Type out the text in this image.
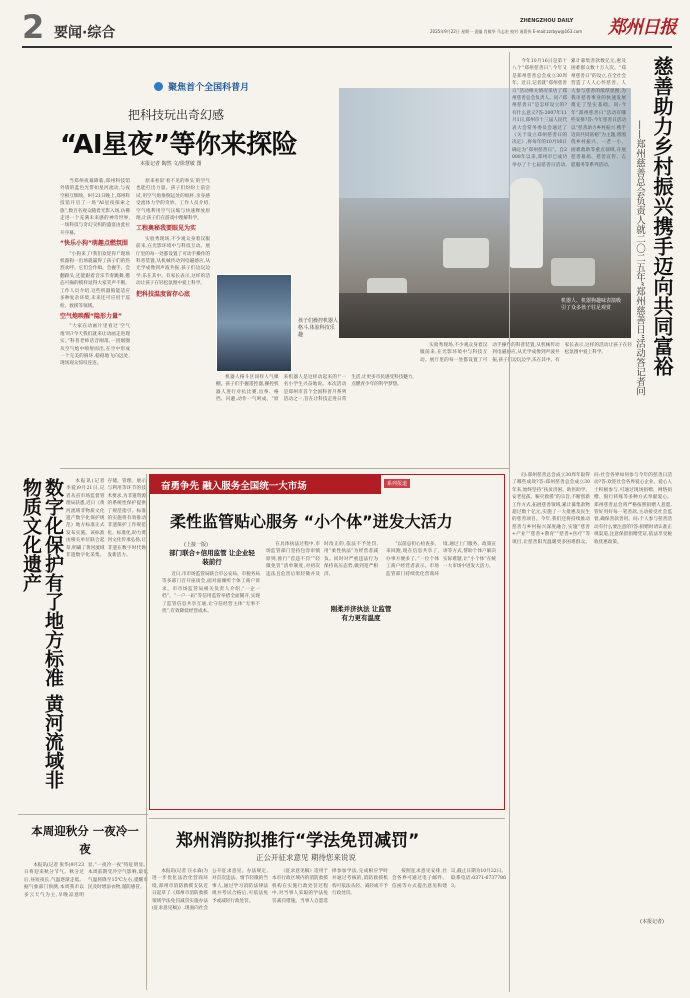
2 要闻·综合
ZHENGZHOU DAILY
2025年9月22日 星期一 责编 肖敏华 马志宏 校对 诸葛伟 E-mail:zzrbyw@163.com 郑州日报
聚焦首个全国科普月
把科技玩出奇幻感
“AI星夜”等你来探险
本报记者 陶然 文/徐慧敏 图
机器人、机器狗趣味表演吸引了众多孩子驻足观赏
孩子们操控机器人格斗,体验科技乐趣

当郑州夜幕降临,郑州科技馆外墙的蓝色光带如星河流动,与夜空相互辉映。9月21日晚上,郑州科技馆开启了一场“AI星夜探索之旅”,数百名观众随着光影入场,仿佛走进一个充满未来感的神奇世界,一场科技与奇幻交织的盛宴由此拉开序幕。

“快乐小狗”萌趣点燃氛围

“小狗来了!我们欢迎你!”现场机器狗一出场就赢得了孩子们的热烈欢呼。它们会作揖、会握手、会翻跟头,还能跟着音乐节奏跳舞,憨态可掬的模样逗得大家笑声不断。工作人员介绍,这些机器狗能适应多种复杂环境,未来还可应用于巡检、救援等领域。

空气炮唤醒“隐形力量”

“大家在动画片里看过‘空气炮’吗?今天我们就来让动画走进现实。”科普老师话音刚落,一团烟圈从空气炮中喷射而出,在空中形成一个完美的圆环,稳稳地飞向远处,现场观众惊叹连连。

原来看似‘看不见的拳头’的空气也能打出力量。孩子们纷纷上前尝试,用空气炮推倒远处的纸杯,亲身感受流体力学的奇妙。工作人员介绍,空气炮利用空气压缩与快速释放原理,让孩子们在游戏中理解科学。

工程奥秘我要眼见为实

实验秀现场,不少观众身着汉服前来,在光影环境中与科技互动。展厅里的每一处都设置了可动手操作的科普装置,从机械传动到电磁感应,从光学成像到声波共振,孩子们边玩边学,乐在其中。有家长表示,这样的活动让孩子在轻松氛围中爱上科学。

把科技温度留存心底

机器人格斗区同样人气爆棚。孩子们手握遥控器,操控机器人进行对抗比赛,出拳、格挡、闪避,动作一气呵成。“原来机器人是这样动起来的!”一名小学生兴奋地说。本次活动是郑州市首个全国科普月系列活动之一,旨在让科技走进日常生活,让更多市民感受科技魅力,点燃青少年的科学梦想。

实验秀现场,不少观众身着汉服前来,在光影环境中与科技互动。展厅里的每一处都设置了可动手操作的科普装置,从机械传动到电磁感应,从光学成像到声波共振,孩子们边玩边学,乐在其中。有家长表示,这样的活动让孩子在轻松氛围中爱上科学。	慈善助力乡村振兴携手迈向共同富裕
——郑州慈善总会负责人就二〇二五年“郑州慈善日”活动答记者问
今年10月16日是第十八个“郑州慈善日”,今年又是郑州慈善总会成立30周年。近日,记者就“郑州慈善日”活动相关情况采访了郑州慈善总会负责人。问:“郑州慈善日”是怎样设立的?有什么意义?答:2007年11月1日,郑州市十三届人民代表大会常务委员会通过了《关于设立郑州慈善日的决定》,将每年的10月16日确定为“郑州慈善日”。自2008年以来,郑州市已成功举办了十七届慈善日活动,累计募集善款数亿元,惠及困难群众数十万人次。“郑州慈善日”的设立,在全社会营造了人人心怀慈善、人人参与慈善的浓厚氛围,为我市慈善事业的快速发展奠定了坚实基础。问:今年“郑州慈善日”活动有哪些安排?答:今年慈善日活动以“慈善助力乡村振兴 携手迈向共同富裕”为主题,将围绕乡村振兴、一老一小、困难救助等重点领域,开展慈善募捐、慈善宣传、志愿服务等系列活动。
问:郑州慈善总会成立30周年取得了哪些成效?答:郑州慈善总会成立30年来,始终坚持“扶贫济困、助医助学、安老抚孤、赈灾救援”的宗旨,不断创新工作方式,拓展慈善领域,累计募集款物超过数十亿元,实施了一大批惠及民生的慈善项目。今年,我们还将持续推动慈善与乡村振兴深度融合,实施“慈善+产业”“慈善+教育”“慈善+医疗”等项目,让慈善阳光温暖更多困难群众。问:社会各界如何参与今年的慈善日活动?答:欢迎社会各界爱心企业、爱心人士积极参与,可通过现场捐赠、网络捐赠、银行转账等多种方式奉献爱心。郑州慈善总会将严格按照捐赠人意愿,管好用好每一笔善款,主动接受社会监督,确保善款善用。问:个人参与慈善活动有什么要注意的?答:捐赠时请认准正规渠道,注意保留捐赠凭证,依法享受税收优惠政策。
(本报记者)
数字化保护有了地方标准 黄河流域非物质文化遗产	本报讯(记者 李爱)9月21日,记者从省市场监督管理局获悉,近日《黄河流域非物质文化遗产数字化保护规范》地方标准正式发布实施。该标准由相关单位联合起草,明确了黄河流域非遗数字化采集、存储、管理、展示与利用等环节的技术要求,为非遗资源的系统性保护提供了规范指引。标准的实施将有效推动非遗保护工作规范化、标准化,助力黄河文化传承弘扬,让非遗在数字时代焕发新活力。
本周迎秋分 一夜冷一夜
本报讯(记者 张华)9月23日将迎来秋分节气。秋分过后,昼短夜长,气温逐渐走低。据气象部门预测,本周我市以多云天气为主,早晚凉意明显,“一夜冷一夜”特征明显。本周前期受冷空气影响,最低气温将降至15℃左右,提醒市民及时增添衣物,谨防感冒。
奋勇争先 融入服务全国统一大市场	系列报道
柔性监管贴心服务 “小个体”迸发大活力
(上接一版)
部门联合+信用监管 让企业轻装前行
近日,市市场监管局联合市公安局、市税务局等多部门召开座谈会,面对面倾听个体工商户诉求。市市场监管局相关负责人介绍,“一企一档”、“一户一码”等信用监管举措全面铺开,实现了监管信息共享互通,让守信经营主体“无事不扰”,有效降低经营成本。
在具体执法过程中,市场监管部门坚持包容审慎原则,推行“首违不罚”“轻微免罚”清单制度,对初次违法且危害后果轻微并及时改正的,依法不予处罚,用“柔性执法”为经营者减负。同时对严重违法行为保持高压态势,做到宽严相济。
刚柔并济执法 让监管有力更有温度
“以前总担心检查多、来回跑,现在信息共享了,办事方便多了。”一位个体工商户经营者表示。市场监管部门持续优化营商环境,通过上门服务、政策宣讲等方式,帮助个体户解决实际难题,让“小个体”在统一大市场中迸发大活力。
郑州消防拟推行“学法免罚减罚”
正公开征求意见 期待您来说说
本报讯(记者 汪永森)为进一步优化法治化营商环境,郑州市消防救援支队近日起草了《郑州市消防救援领域学法免罚减罚实施办法(征求意见稿)》,现面向社会公开征求意见。办法规定,对首次违法、情节轻微的当事人,通过学习消防法律法规并考试合格后,可依法免予或减轻行政处罚。
《征求意见稿》适用于本市行政区域内的消防救援机构在实施行政处罚过程中,对当事人采取的学法免罚减罚措施。当事人自愿选择参加学法,完成相应学时并通过考核的,消防救援机构可依法从轻、减轻或不予行政处罚。
按照征求意见安排,社会各界可通过电子邮件、信函等方式提出意见和建议,截止日期为10月22日。联系电话:0371-67377863。
